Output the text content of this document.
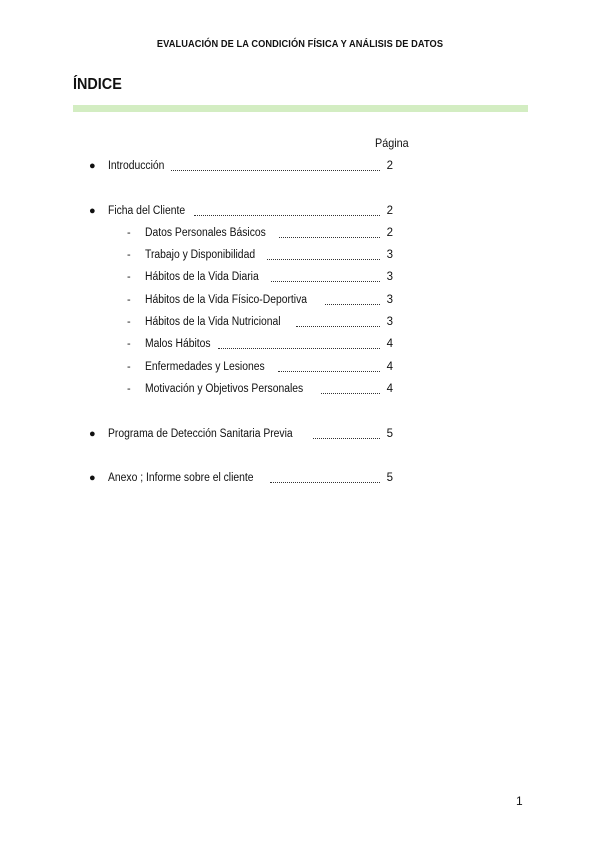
EVALUACIÓN DE LA CONDICIÓN FÍSICA Y ANÁLISIS DE DATOS
ÍNDICE
Página
● Introducción	2
● Ficha del Cliente	2
- Datos Personales Básicos	2
- Trabajo y Disponibilidad	3
- Hábitos de la Vida Diaria	3
- Hábitos de la Vida Físico-Deportiva	3
- Hábitos de la Vida Nutricional	3
- Malos Hábitos	4
- Enfermedades y Lesiones	4
- Motivación y Objetivos Personales	4
● Programa de Detección Sanitaria Previa	5
● Anexo ; Informe sobre el cliente	5
1
